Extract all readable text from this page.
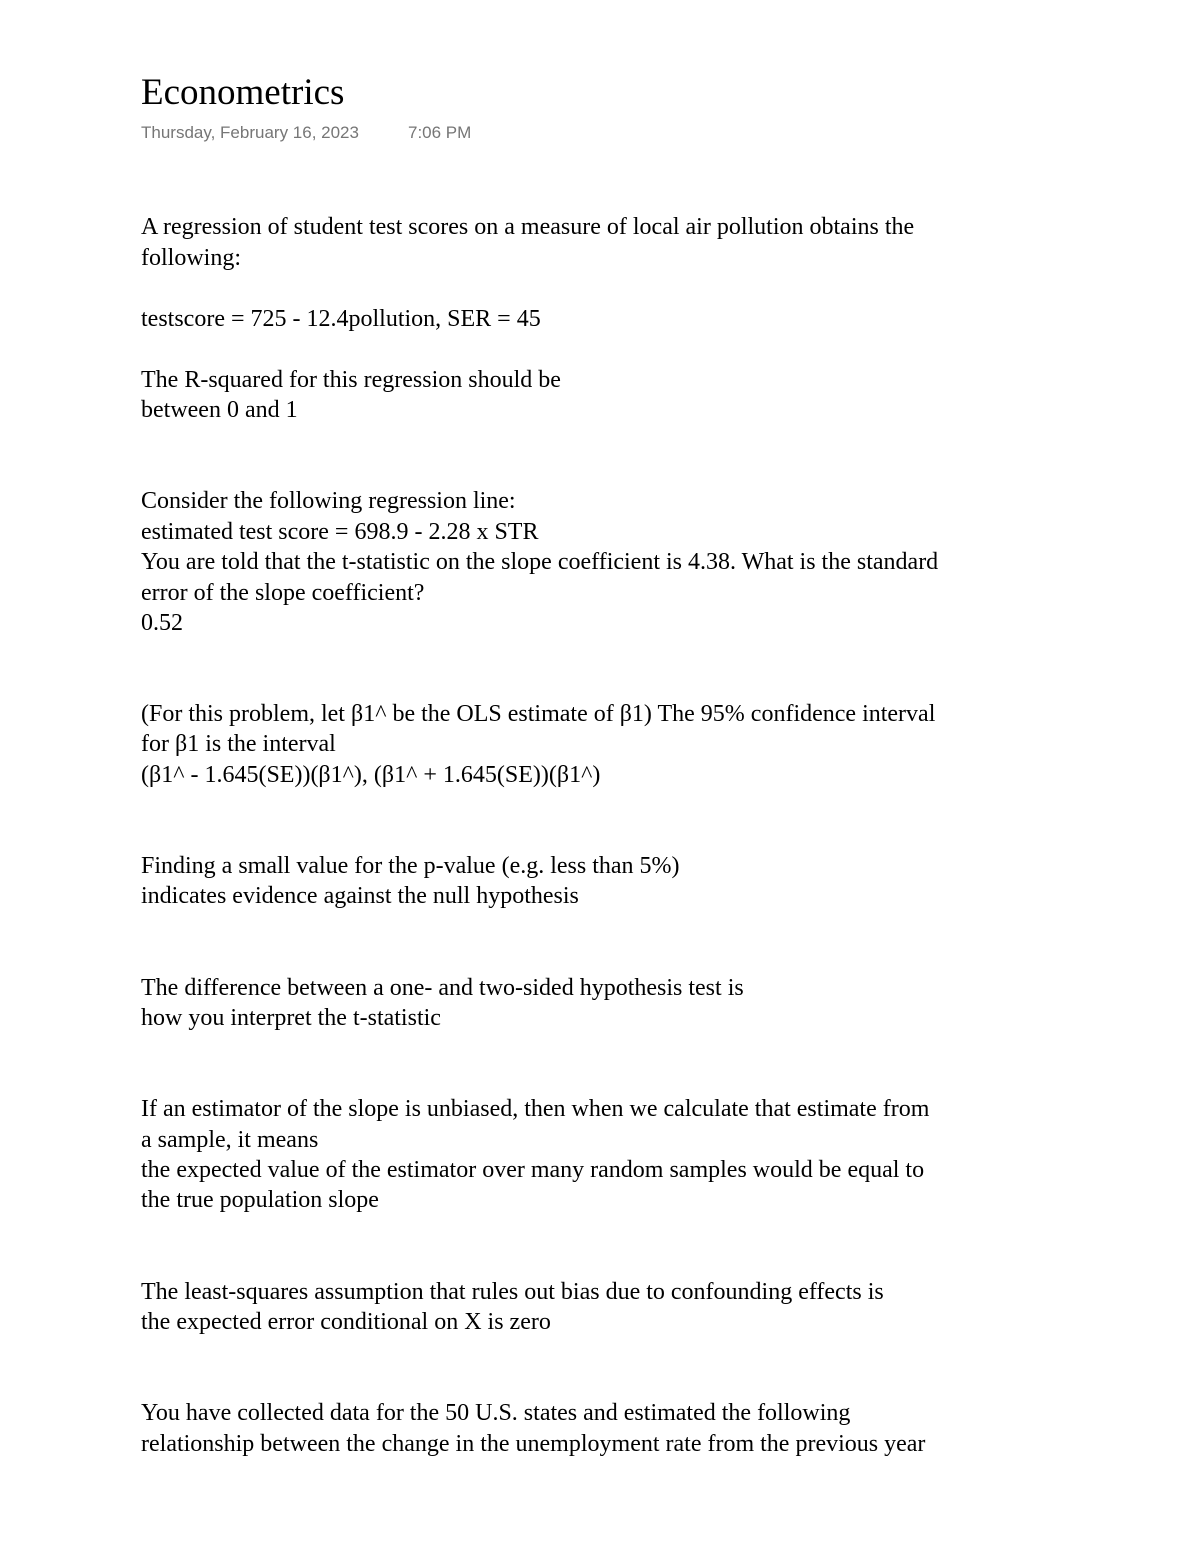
Econometrics
Thursday, February 16, 2023	7:06 PM
A regression of student test scores on a measure of local air pollution obtains the
following:
testscore = 725 - 12.4pollution, SER = 45
The R-squared for this regression should be
between 0 and 1
Consider the following regression line:
estimated test score = 698.9 - 2.28 x STR
You are told that the t-statistic on the slope coefficient is 4.38. What is the standard
error of the slope coefficient?
0.52
(For this problem, let β1^ be the OLS estimate of β1) The 95% confidence interval
for β1 is the interval
(β1^ - 1.645(SE))(β1^), (β1^ + 1.645(SE))(β1^)
Finding a small value for the p-value (e.g. less than 5%)
indicates evidence against the null hypothesis
The difference between a one- and two-sided hypothesis test is
how you interpret the t-statistic
If an estimator of the slope is unbiased, then when we calculate that estimate from
a sample, it means
the expected value of the estimator over many random samples would be equal to
the true population slope
The least-squares assumption that rules out bias due to confounding effects is
the expected error conditional on X is zero
You have collected data for the 50 U.S. states and estimated the following
relationship between the change in the unemployment rate from the previous year
